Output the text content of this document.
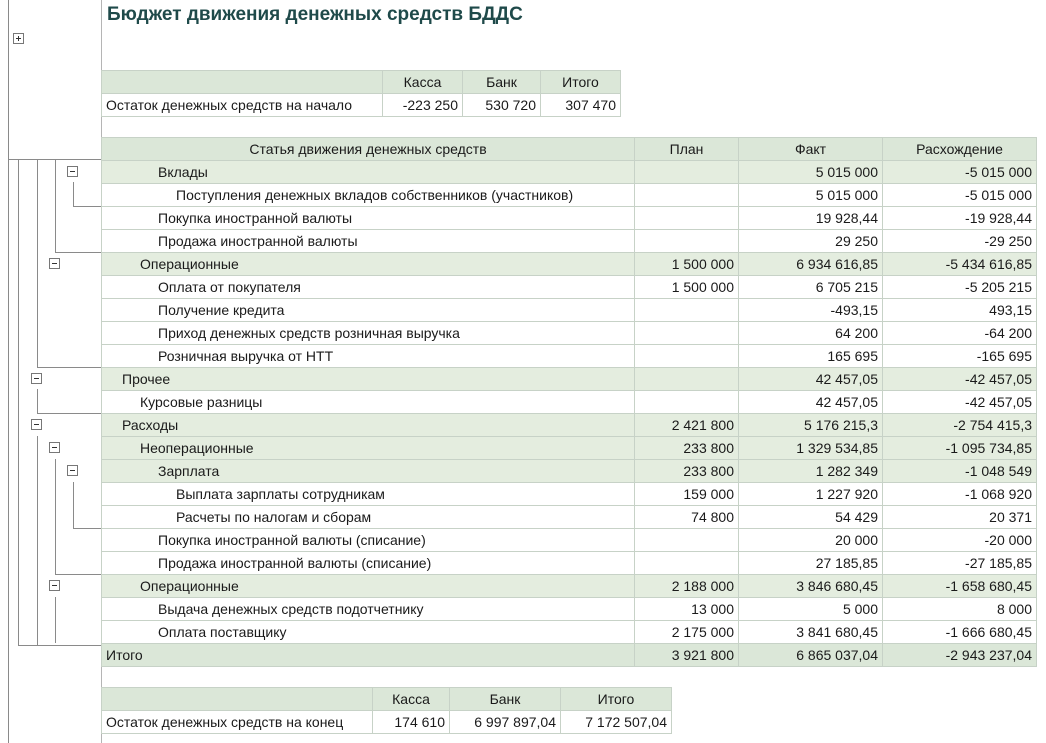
Бюджет движения денежных средств БДДС
	Касса	Банк	Итого
Остаток денежных средств на начало	-223 250	530 720	307 470
Статья движения денежных средств	План	Факт	Расхождение
Вклады		5 015 000	-5 015 000
Поступления денежных вкладов собственников (участников)		5 015 000	-5 015 000
Покупка иностранной валюты		19 928,44	-19 928,44
Продажа иностранной валюты		29 250	-29 250
Операционные	1 500 000	6 934 616,85	-5 434 616,85
Оплата от покупателя	1 500 000	6 705 215	-5 205 215
Получение кредита		-493,15	493,15
Приход денежных средств розничная выручка		64 200	-64 200
Розничная выручка от НТТ		165 695	-165 695
Прочее		42 457,05	-42 457,05
Курсовые разницы		42 457,05	-42 457,05
Расходы	2 421 800	5 176 215,3	-2 754 415,3
Неоперационные	233 800	1 329 534,85	-1 095 734,85
Зарплата	233 800	1 282 349	-1 048 549
Выплата зарплаты сотрудникам	159 000	1 227 920	-1 068 920
Расчеты по налогам и сборам	74 800	54 429	20 371
Покупка иностранной валюты (списание)		20 000	-20 000
Продажа иностранной валюты (списание)		27 185,85	-27 185,85
Операционные	2 188 000	3 846 680,45	-1 658 680,45
Выдача денежных средств подотчетнику	13 000	5 000	8 000
Оплата поставщику	2 175 000	3 841 680,45	-1 666 680,45
Итого	3 921 800	6 865 037,04	-2 943 237,04
	Касса	Банк	Итого
Остаток денежных средств на конец	174 610	6 997 897,04	7 172 507,04
